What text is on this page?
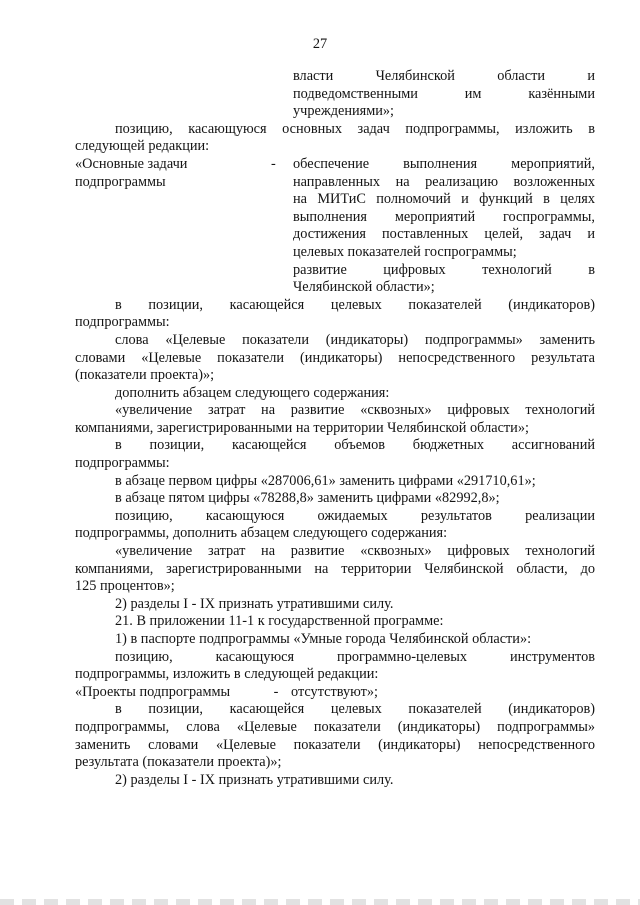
27

власти Челябинской области и

подведомственными им казёнными

учреждениями»;

позицию, касающуюся основных задач подпрограммы, изложить в

следующей редакции:

«Основные задачи

подпрограммы

-	обеспечение выполнения мероприятий,

направленных на реализацию возложенных

на МИТиС полномочий и функций в целях

выполнения мероприятий госпрограммы,

достижения поставленных целей, задач и

целевых показателей госпрограммы;

развитие цифровых технологий в

Челябинской области»;

в позиции, касающейся целевых показателей (индикаторов)

подпрограммы:

слова «Целевые показатели (индикаторы) подпрограммы» заменить

словами «Целевые показатели (индикаторы) непосредственного результата

(показатели проекта)»;

дополнить абзацем следующего содержания:

«увеличение затрат на развитие «сквозных» цифровых технологий

компаниями, зарегистрированными на территории Челябинской области»;

в позиции, касающейся объемов бюджетных ассигнований

подпрограммы:

в абзаце первом цифры «287006,61» заменить цифрами «291710,61»;

в абзаце пятом цифры «78288,8» заменить цифрами «82992,8»;

позицию, касающуюся ожидаемых результатов реализации

подпрограммы, дополнить абзацем следующего содержания:

«увеличение затрат на развитие «сквозных» цифровых технологий

компаниями, зарегистрированными на территории Челябинской области, до

125 процентов»;

2) разделы I - IX признать утратившими силу.

21. В приложении 11-1 к государственной программе:

1) в паспорте подпрограммы «Умные города Челябинской области»:

позицию, касающуюся программно-целевых инструментов

подпрограммы, изложить в следующей редакции:

«Проекты подпрограммы	- отсутствуют»;

в позиции, касающейся целевых показателей (индикаторов)

подпрограммы, слова «Целевые показатели (индикаторы) подпрограммы»

заменить словами «Целевые показатели (индикаторы) непосредственного

результата (показатели проекта)»;

2) разделы I - IX признать утратившими силу.
